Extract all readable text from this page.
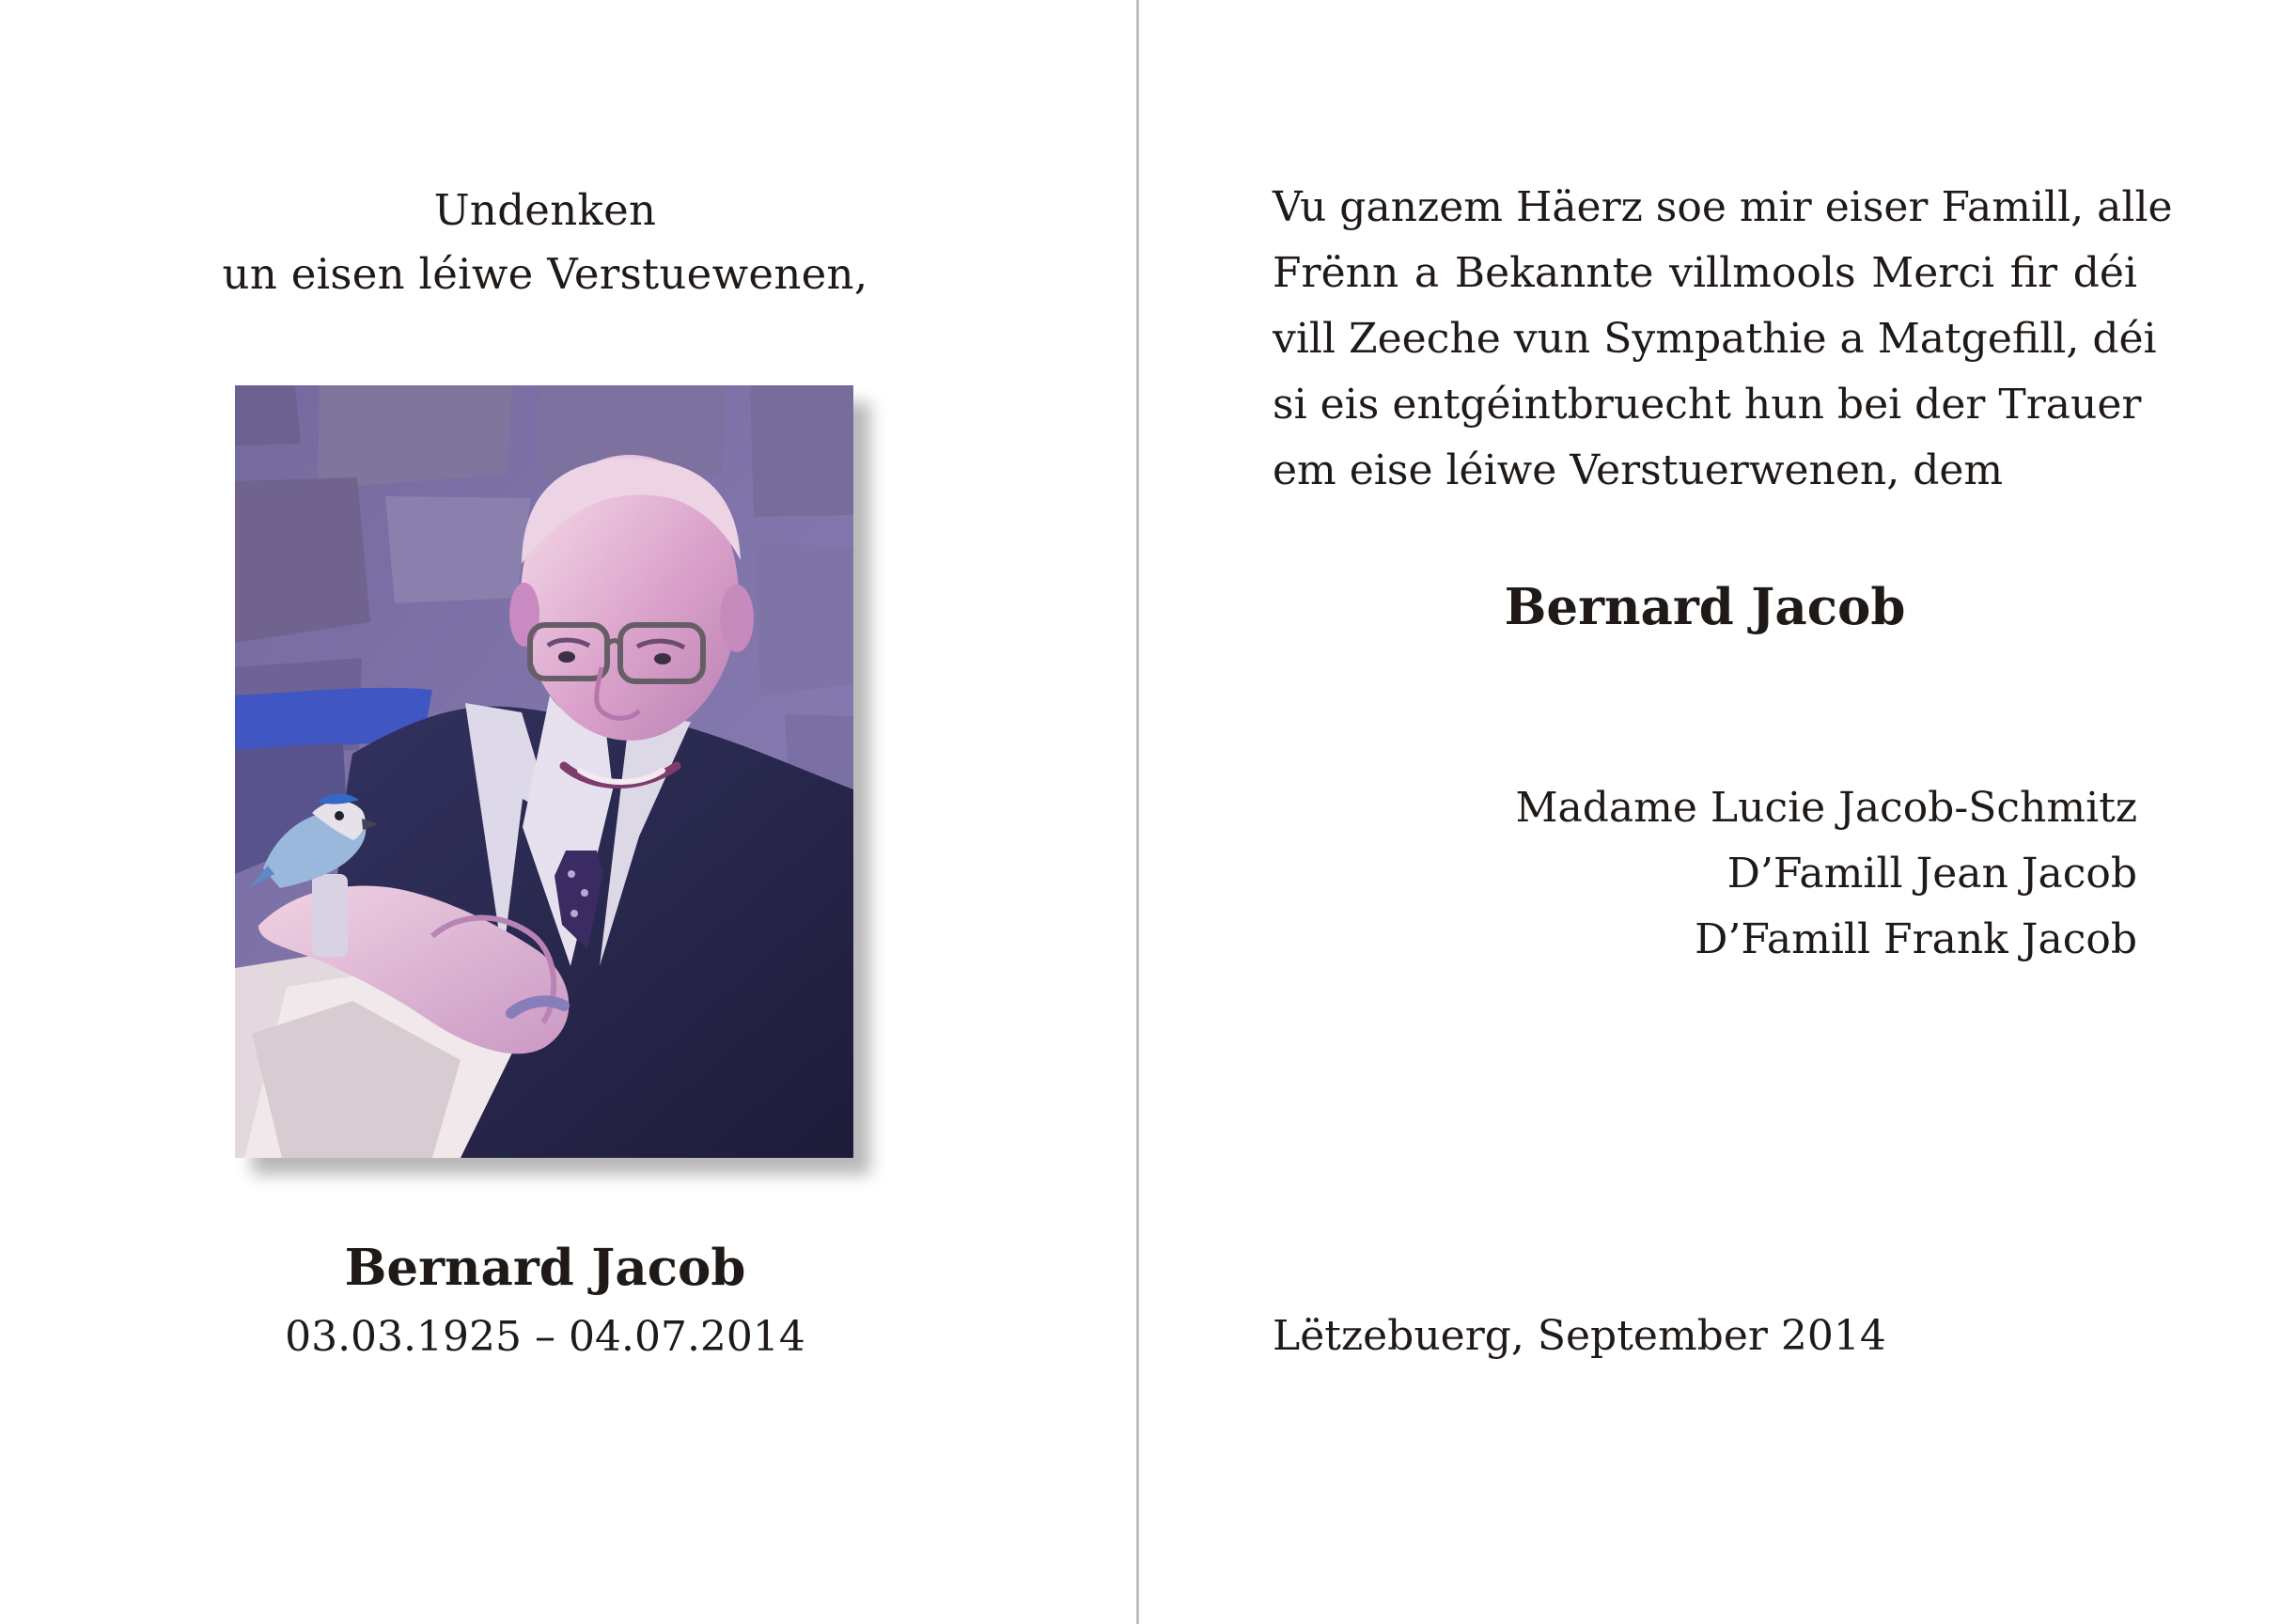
Undenken
un eisen léiwe Verstuewenen,
Bernard Jacob
03.03.1925 – 04.07.2014
Vu ganzem Häerz soe mir eiser Famill, alle
Frënn a Bekannte villmools Merci fir déi
vill Zeeche vun Sympathie a Matgefill, déi
si eis entgéintbruecht hun bei der Trauer
em eise léiwe Verstuerwenen, dem
Bernard Jacob
Madame Lucie Jacob-Schmitz
D’Famill Jean Jacob
D’Famill Frank Jacob
Lëtzebuerg, September 2014
